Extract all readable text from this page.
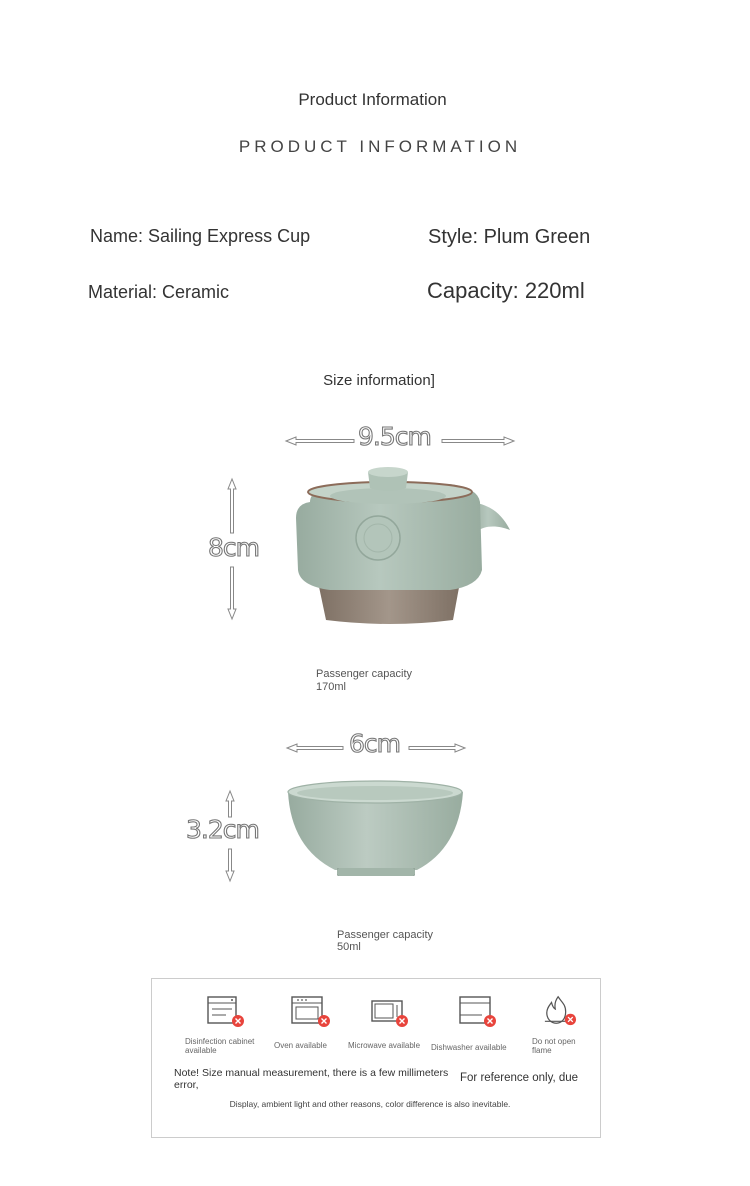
Product Information
PRODUCT INFORMATION
Name: Sailing Express Cup	Style: Plum Green
Material: Ceramic	Capacity: 220ml
Size information]
9.5cm
8cm
Passenger capacity
170ml
6cm
3.2cm
Passenger capacity
50ml
Disinfection cabinet available
Oven available	Microwave available	Dishwasher available
Do not open flame
Note! Size manual measurement, there is a few millimeters error,
For reference only, due
Display, ambient light and other reasons, color difference is also inevitable.
